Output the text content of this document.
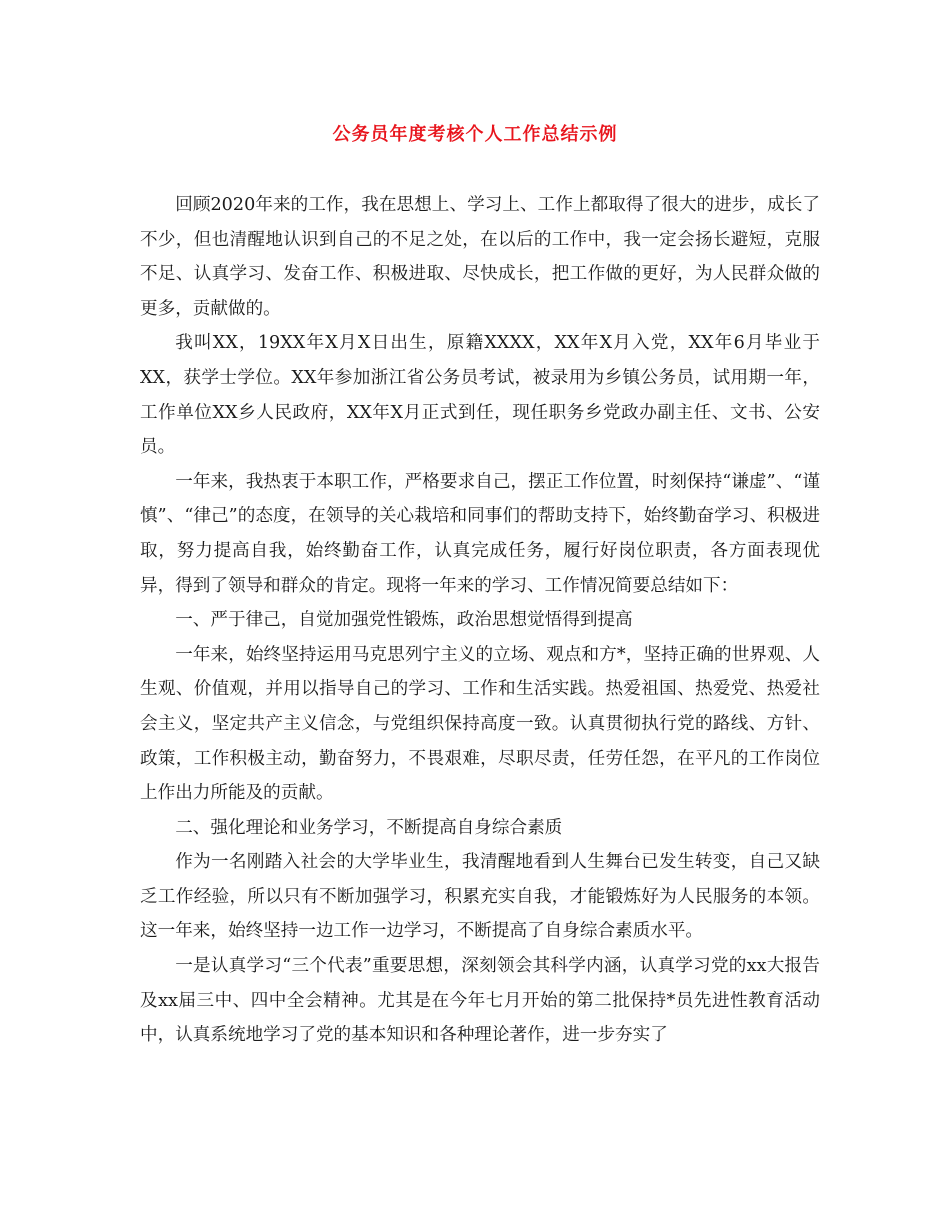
公务员年度考核个人工作总结示例

回顾2020年来的工作，我在思想上、学习上、工作上都取得了很大的进步，成长了不少，但也清醒地认识到自己的不足之处，在以后的工作中，我一定会扬长避短，克服不足、认真学习、发奋工作、积极进取、尽快成长，把工作做的更好，为人民群众做的更多，贡献做的。

我叫XX，19XX年X月X日出生，原籍XXXX，XX年X月入党，XX年6月毕业于XX，获学士学位。XX年参加浙江省公务员考试，被录用为乡镇公务员，试用期一年，工作单位XX乡人民政府，XX年X月正式到任，现任职务乡党政办副主任、文书、公安员。

一年来，我热衷于本职工作，严格要求自己，摆正工作位置，时刻保持“谦虚”、“谨慎”、“律己”的态度，在领导的关心栽培和同事们的帮助支持下，始终勤奋学习、积极进取，努力提高自我，始终勤奋工作，认真完成任务，履行好岗位职责，各方面表现优异，得到了领导和群众的肯定。现将一年来的学习、工作情况简要总结如下：

一、严于律己，自觉加强党性锻炼，政治思想觉悟得到提高

一年来，始终坚持运用马克思列宁主义的立场、观点和方*，坚持正确的世界观、人生观、价值观，并用以指导自己的学习、工作和生活实践。热爱祖国、热爱党、热爱社会主义，坚定共产主义信念，与党组织保持高度一致。认真贯彻执行党的路线、方针、政策，工作积极主动，勤奋努力，不畏艰难，尽职尽责，任劳任怨，在平凡的工作岗位上作出力所能及的贡献。

二、强化理论和业务学习，不断提高自身综合素质

作为一名刚踏入社会的大学毕业生，我清醒地看到人生舞台已发生转变，自己又缺乏工作经验，所以只有不断加强学习，积累充实自我，才能锻炼好为人民服务的本领。这一年来，始终坚持一边工作一边学习，不断提高了自身综合素质水平。

一是认真学习“三个代表”重要思想，深刻领会其科学内涵，认真学习党的xx大报告及xx届三中、四中全会精神。尤其是在今年七月开始的第二批保持*员先进性教育活动中，认真系统地学习了党的基本知识和各种理论著作，进一步夯实了
